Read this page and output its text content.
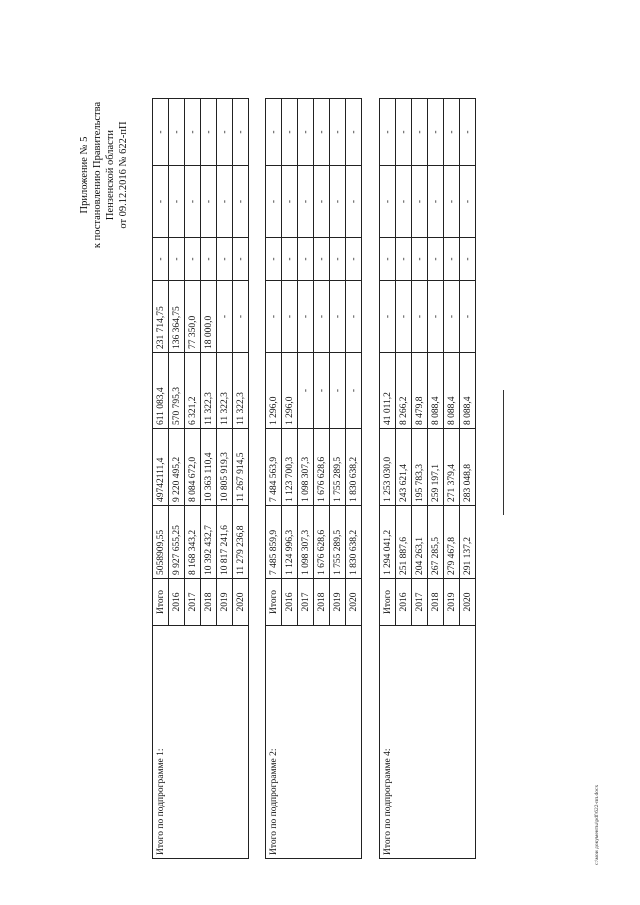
Приложение № 5 к постановлению Правительства Пензенской области от 09.12.2016 № 622-пП
Итого по подпрограмме 1:	Итого	5058909,55	49742111,4	611 083,4	231 714,75	-	-	-
	2016	9 927 655,25	9 220 495,2	570 795,3	136 364,75	-	-	-
	2017	8 168 343,2	8 084 672,0	6 321,2	77 350,0	-	-	-
	2018	10 392 432,7	10 363 110,4	11 322,3	18 000,0	-	-	-
	2019	10 817 241,6	10 805 919,3	11 322,3	-	-	-	-
	2020	11 279 236,8	11 267 914,5	11 322,3	-	-	-	-
Итого по подпрограмме 2:	Итого	7 485 859,9	7 484 563,9	1 296,0	-	-	-	-
	2016	1 124 996,3	1 123 700,3	1 296,0	-	-	-	-
	2017	1 098 307,3	1 098 307,3	-	-	-	-	-
	2018	1 676 628,6	1 676 628,6	-	-	-	-	-
	2019	1 755 289,5	1 755 289,5	-	-	-	-	-
	2020	1 830 638,2	1 830 638,2	-	-	-	-	-
Итого по подпрограмме 4:	Итого	1 294 041,2	1 253 030,0	41 011,2	-	-	-	-
	2016	251 887,6	243 621,4	8 266,2	-	-	-	-
	2017	204 263,1	195 783,3	8 479,8	-	-	-	-
	2018	267 285,5	259 197,1	8 088,4	-	-	-	-
	2019	279 467,8	271 379,4	8 088,4	-	-	-	-
	2020	291 137,2	283 048,8	8 088,4	-	-	-	-
c:\мои документы\pdf\622-пп.docx
